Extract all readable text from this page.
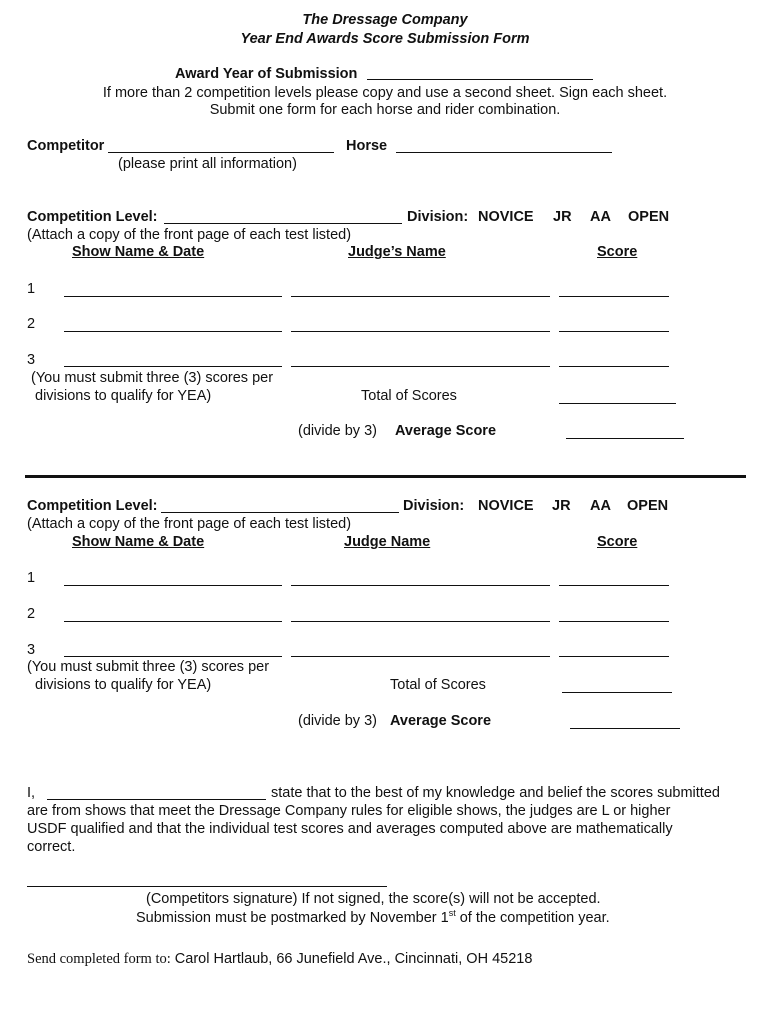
The Dressage Company
Year End Awards Score Submission Form
Award Year of Submission
If more than 2 competition levels please copy and use a second sheet. Sign each sheet.
Submit one form for each horse and rider combination.
Competitor	Horse
(please print all information)
Competition Level:	Division: NOVICE JR AA OPEN
(Attach a copy of the front page of each test listed)
Show Name & Date	Judge’s Name	Score
1
2
3
(You must submit three (3) scores per
divisions to qualify for YEA)	Total of Scores
(divide by 3) Average Score
Competition Level:	Division: NOVICE JR AA OPEN
(Attach a copy of the front page of each test listed)
Show Name & Date	Judge Name	Score
1
2
3
(You must submit three (3) scores per
divisions to qualify for YEA)	Total of Scores
(divide by 3) Average Score
I,	state that to the best of my knowledge and belief the scores submitted
are from shows that meet the Dressage Company rules for eligible shows, the judges are L or higher
USDF qualified and that the individual test scores and averages computed above are mathematically
correct.
(Competitors signature) If not signed, the score(s) will not be accepted.
Submission must be postmarked by November 1st of the competition year.
Send completed form to: Carol Hartlaub, 66 Junefield Ave., Cincinnati, OH 45218
